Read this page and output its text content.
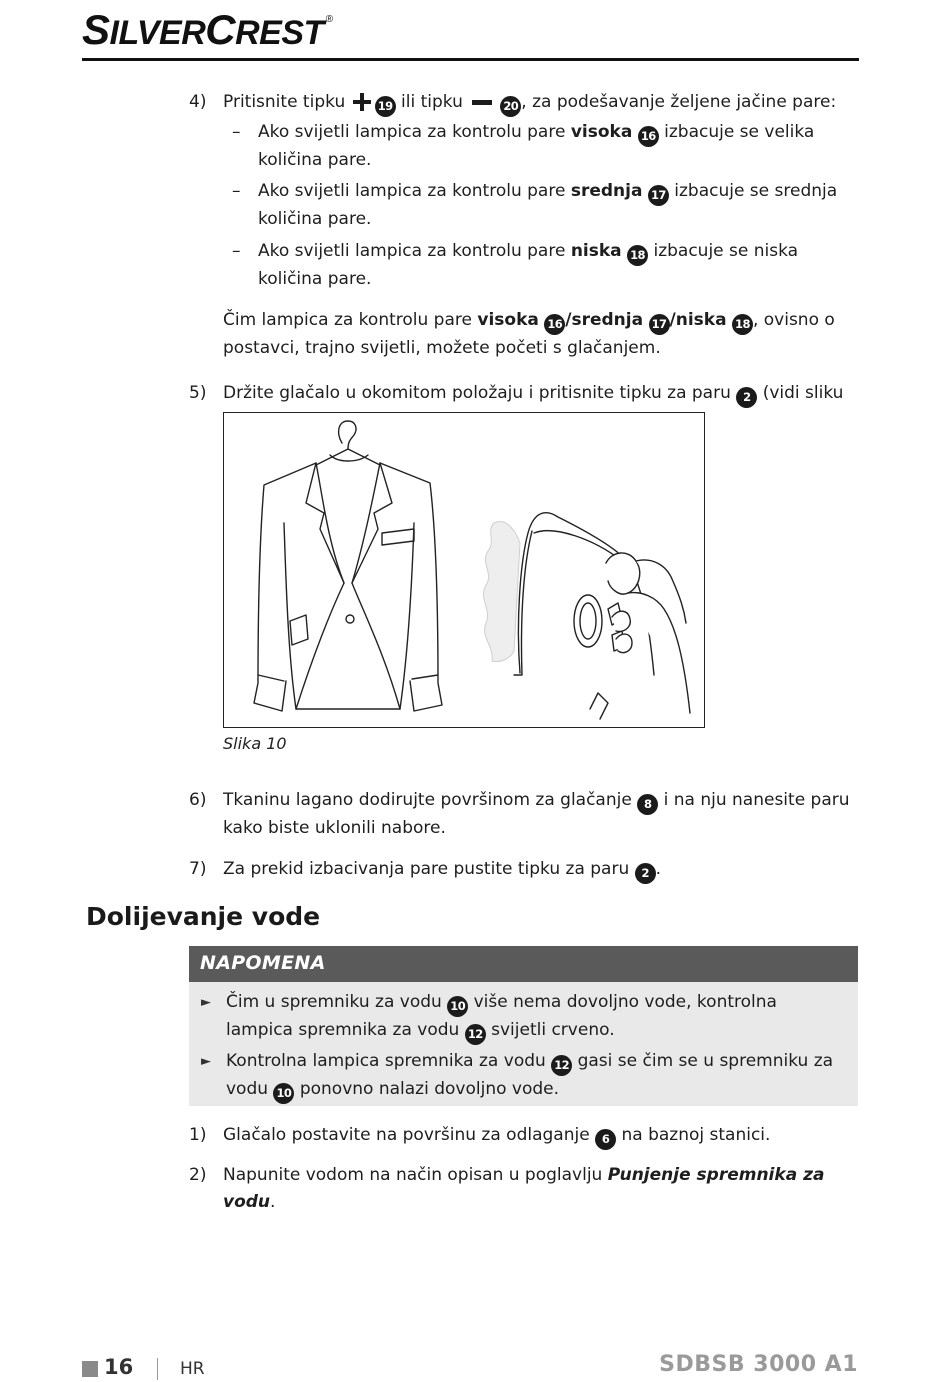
SILVERCREST ®
4) Pritisnite tipku	19 ili tipku	20 , za podešavanje željene jačine pare:
– Ako svijetli lampica za kontrolu pare visoka 16 izbacuje se velika količina pare.
– Ako svijetli lampica za kontrolu pare srednja 17 izbacuje se srednja količina pare.
– Ako svijetli lampica za kontrolu pare niska 18 izbacuje se niska količina pare.
Čim lampica za kontrolu pare visoka 16 /srednja 17 /niska 18 , ovisno o postavci, trajno svijetli, možete početi s glačanjem.
5) Držite glačalo u okomitom položaju i pritisnite tipku za paru 2 (vidi sliku
Slika 10
6) Tkaninu lagano dodirujte površinom za glačanje 8 i na nju nanesite paru kako biste uklonili nabore.
7) Za prekid izbacivanja pare pustite tipku za paru 2 .
Dolijevanje vode
NAPOMENA
► Čim u spremniku za vodu 10 više nema dovoljno vode, kontrolna lampica spremnika za vodu 12 svijetli crveno.
► Kontrolna lampica spremnika za vodu 12 gasi se čim se u spremniku za vodu 10 ponovno nalazi dovoljno vode.
1) Glačalo postavite na površinu za odlaganje 6 na baznoj stanici.
2) Napunite vodom na način opisan u poglavlju Punjenje spremnika za vodu.
16	HR	SDBSB 3000 A1
